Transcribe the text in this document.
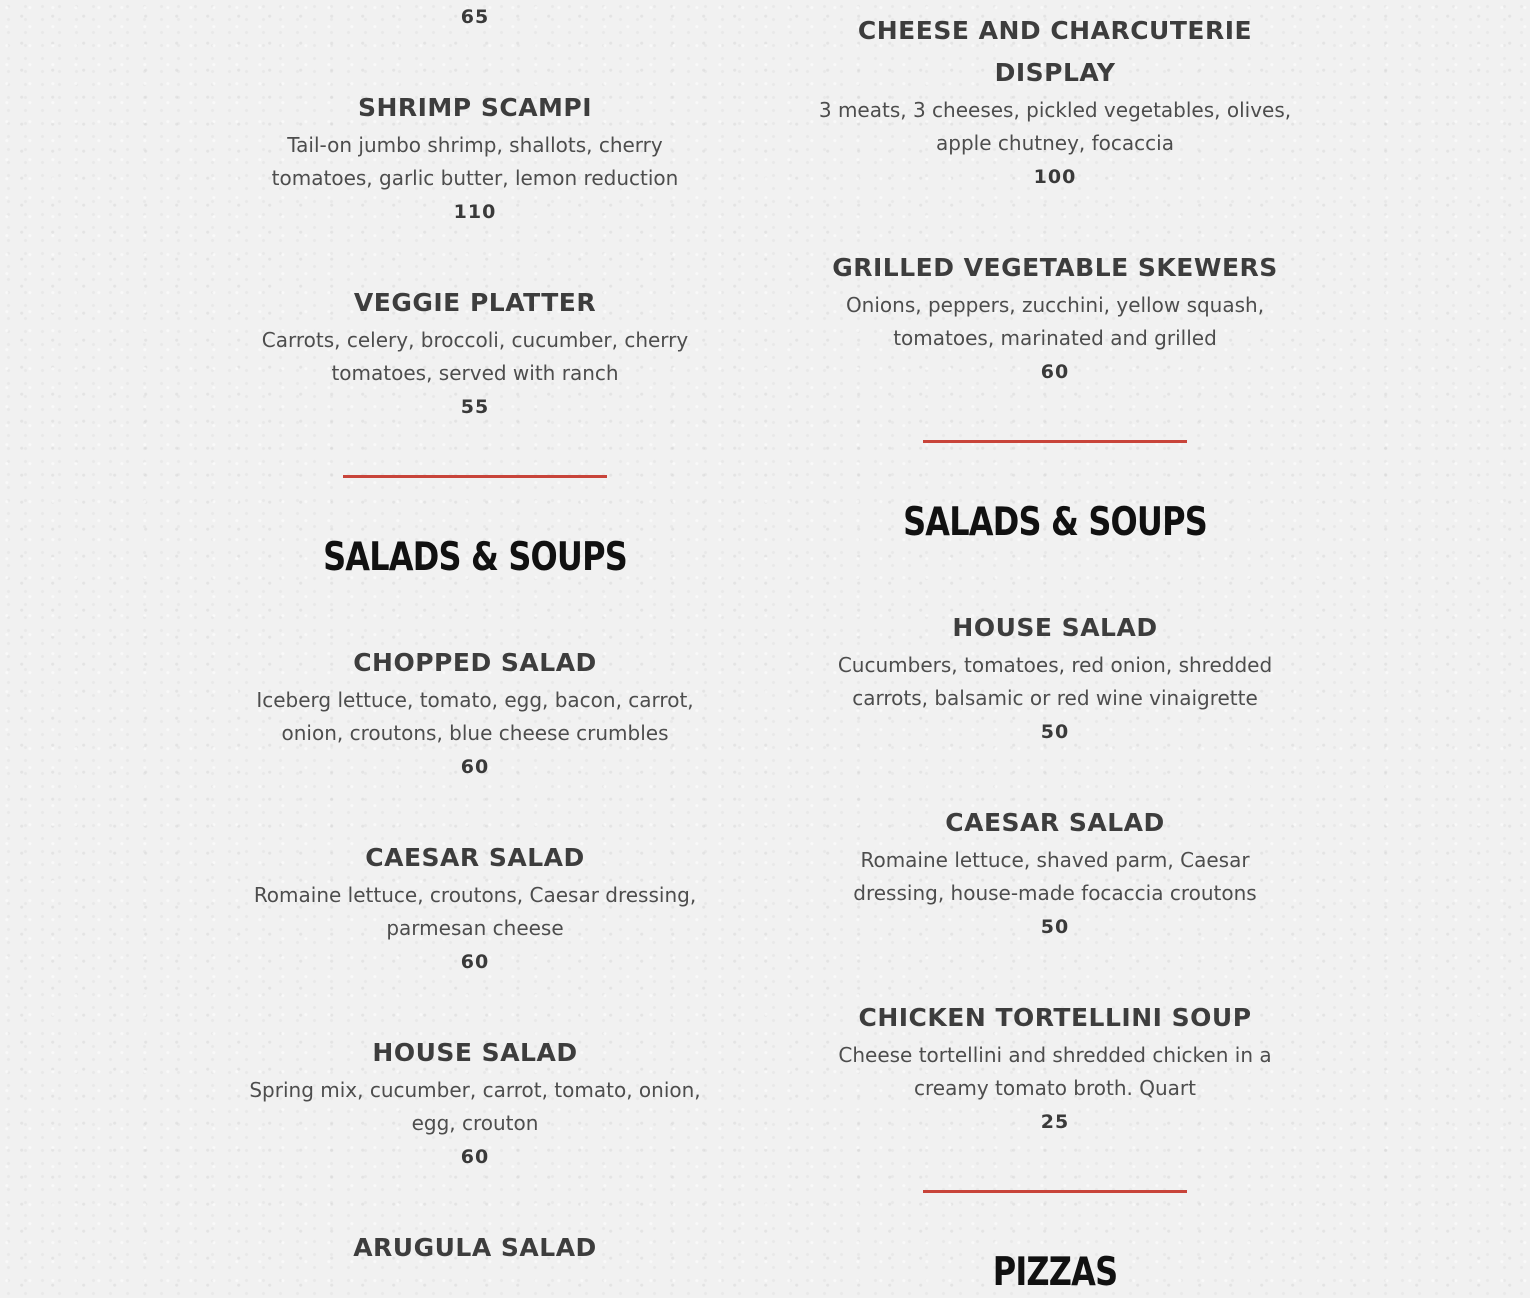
65

SHRIMP SCAMPI

Tail-on jumbo shrimp, shallots, cherry
tomatoes, garlic butter, lemon reduction

110

VEGGIE PLATTER

Carrots, celery, broccoli, cucumber, cherry
tomatoes, served with ranch

55

SALADS & SOUPS

CHOPPED SALAD

Iceberg lettuce, tomato, egg, bacon, carrot,
onion, croutons, blue cheese crumbles

60

CAESAR SALAD

Romaine lettuce, croutons, Caesar dressing,
parmesan cheese

60

HOUSE SALAD

Spring mix, cucumber, carrot, tomato, onion,
egg, crouton

60

ARUGULA SALAD

CHEESE AND CHARCUTERIE
DISPLAY

3 meats, 3 cheeses, pickled vegetables, olives,
apple chutney, focaccia

100

GRILLED VEGETABLE SKEWERS

Onions, peppers, zucchini, yellow squash,
tomatoes, marinated and grilled

60

SALADS & SOUPS

HOUSE SALAD

Cucumbers, tomatoes, red onion, shredded
carrots, balsamic or red wine vinaigrette

50

CAESAR SALAD

Romaine lettuce, shaved parm, Caesar
dressing, house-made focaccia croutons

50

CHICKEN TORTELLINI SOUP

Cheese tortellini and shredded chicken in a
creamy tomato broth. Quart

25

PIZZAS
